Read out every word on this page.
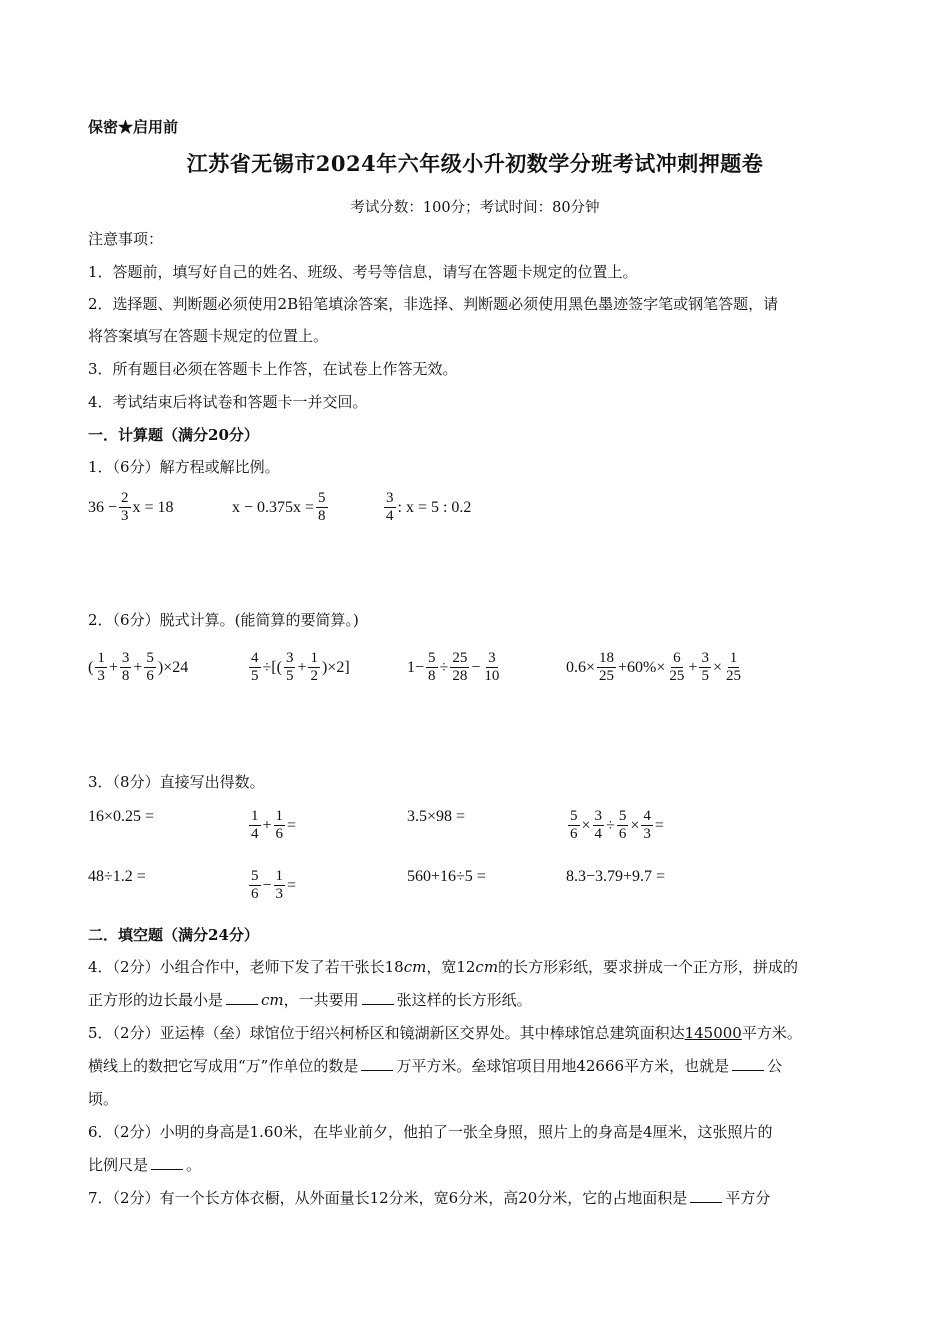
保密★启用前
江苏省无锡市2024年六年级小升初数学分班考试冲刺押题卷
考试分数：100分；考试时间：80分钟
注意事项：
1．答题前，填写好自己的姓名、班级、考号等信息，请写在答题卡规定的位置上。
2．选择题、判断题必须使用2B铅笔填涂答案，非选择、判断题必须使用黑色墨迹签字笔或钢笔答题，请
将答案填写在答题卡规定的位置上。
3．所有题目必须在答题卡上作答，在试卷上作答无效。
4．考试结束后将试卷和答题卡一并交回。
一．计算题（满分20分）
1．（6分）解方程或解比例。
$36 - \frac{2}{3}$ x = 18	$x - 0.375x = \frac{5}{8}$	$\frac{3}{4}$ : x = 5 : 0.2
2．（6分）脱式计算。(能简算的要简算。)
( $\frac{1}{3} + \frac{3}{8} + \frac{5}{6} )\times 24$	$\frac{4}{5}$ ÷[( $\frac{3}{5} + \frac{1}{2} )\times 2$]	$1- \frac{5}{8} \div \frac{25}{28} - \frac{3}{10}$	$0.6\times \frac{18}{25} +60\%\times \frac{6}{25} + \frac{3}{5} \times \frac{1}{25}$
3．（8分）直接写出得数。
16×0.25 =	$\frac{1}{4} + \frac{1}{6}$ =	3.5×98 =	$\frac{5}{6} \times \frac{3}{4} \div \frac{5}{6} \times \frac{4}{3}$ =
48÷1.2 =	$\frac{5}{6} - \frac{1}{3}$ =	560+16÷5 =	8.3−3.79+9.7 =
二．填空题（满分24分）
4．（2分）小组合作中，老师下发了若干张长18cm，宽12cm的长方形彩纸，要求拼成一个正方形，拼成的
正方形的边长最小是	cm，一共要用	张这样的长方形纸。
5．（2分）亚运棒（垒）球馆位于绍兴柯桥区和镜湖新区交界处。其中棒球馆总建筑面积达145000平方米。
横线上的数把它写成用“万”作单位的数是	万平方米。垒球馆项目用地42666平方米，也就是	公
顷。
6．（2分）小明的身高是1.60米，在毕业前夕，他拍了一张全身照，照片上的身高是4厘米，这张照片的
比例尺是	。
7．（2分）有一个长方体衣橱，从外面量长12分米，宽6分米，高20分米，它的占地面积是	平方分
